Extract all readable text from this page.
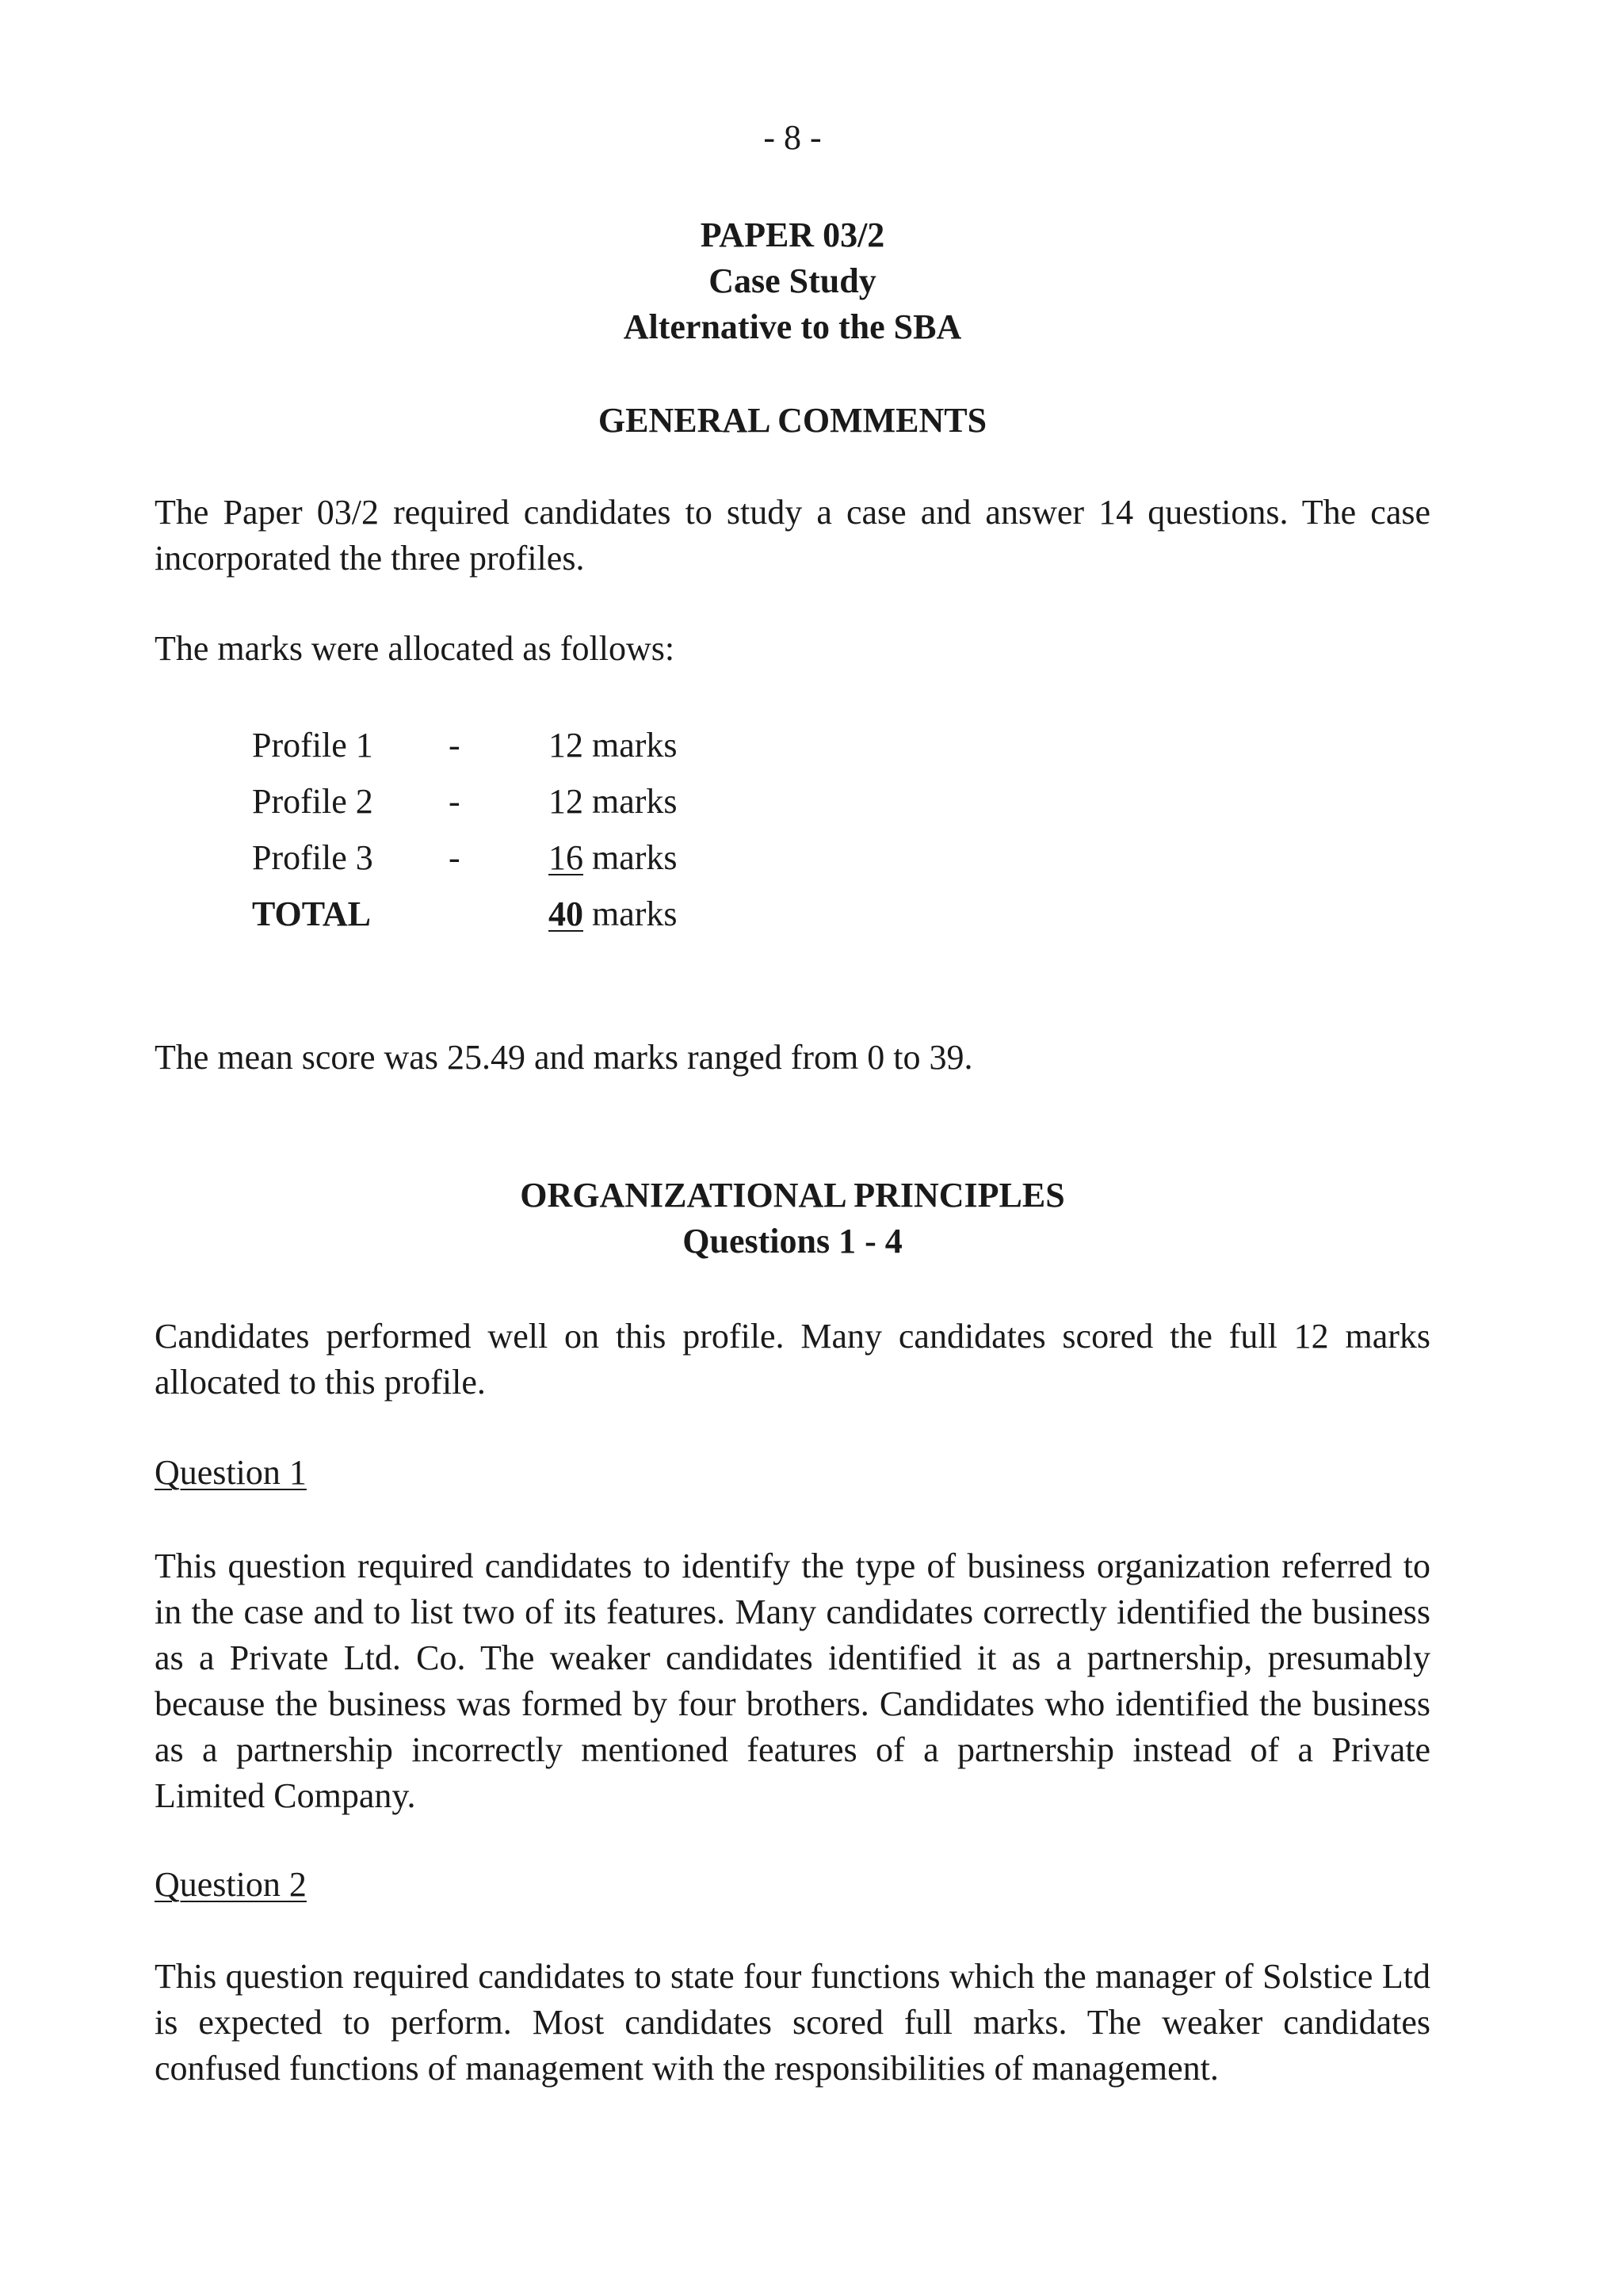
- 8 -
PAPER 03/2
Case Study
Alternative to the SBA
GENERAL COMMENTS
The Paper 03/2 required candidates to study a case and answer 14 questions. The case incorporated the three profiles.
The marks were allocated as follows:
Profile 1 -	12 marks
Profile 2 -	12 marks
Profile 3 -	16 marks
TOTAL	40 marks
The mean score was 25.49 and marks ranged from 0 to 39.
ORGANIZATIONAL PRINCIPLES
Questions 1 - 4
Candidates performed well on this profile. Many candidates scored the full 12 marks allocated to this profile.
Question 1
This question required candidates to identify the type of business organization referred to in the case and to list two of its features. Many candidates correctly identified the business as a Private Ltd. Co. The weaker candidates identified it as a partnership, presumably because the business was formed by four brothers. Candidates who identified the business as a partnership incorrectly mentioned features of a partnership instead of a Private Limited Company.
Question 2
This question required candidates to state four functions which the manager of Solstice Ltd is expected to perform. Most candidates scored full marks. The weaker candidates confused functions of management with the responsibilities of management.
